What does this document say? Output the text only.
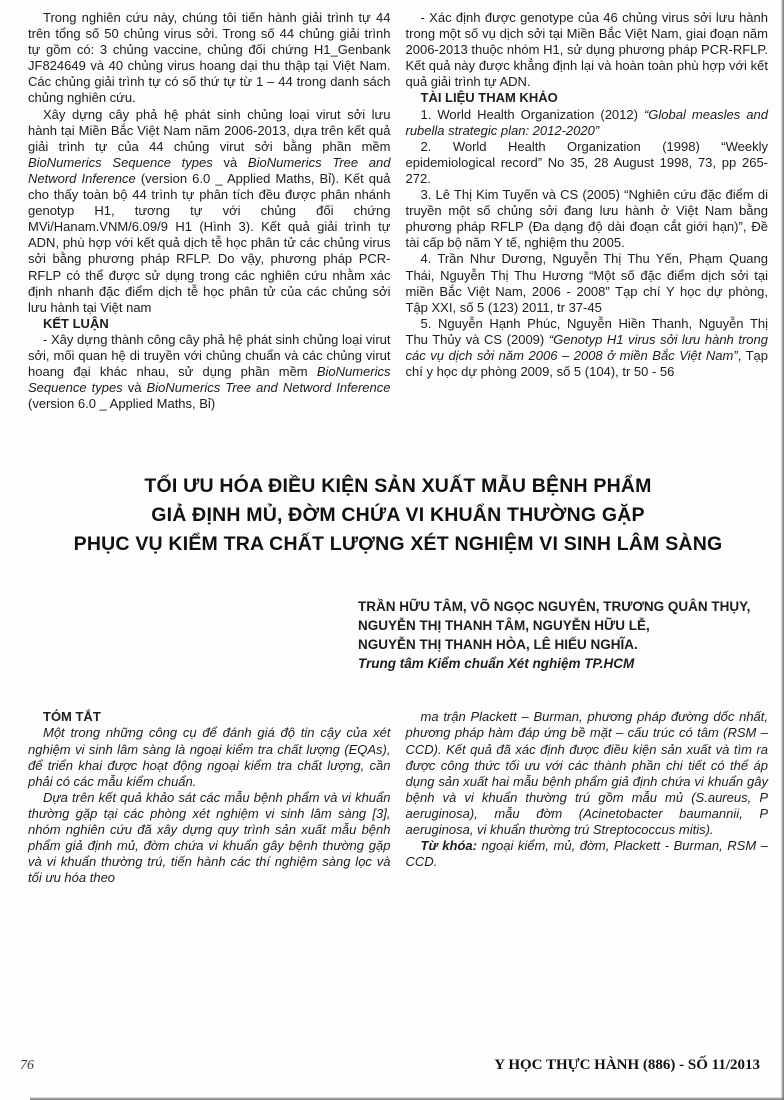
Trong nghiên cứu này, chúng tôi tiến hành giải trình tự 44 trên tổng số 50 chủng virus sởi. Trong số 44 chủng giải trình tự gồm có: 3 chủng vaccine, chủng đối chứng H1_Genbank JF824649 và 40 chủng virus hoang dại thu thập tại Việt Nam. Các chủng giải trình tự có số thứ tự từ 1 – 44 trong danh sách chủng nghiên cứu.

Xây dựng cây phả hệ phát sinh chủng loại virut sởi lưu hành tại Miền Bắc Việt Nam năm 2006-2013, dựa trên kết quả giải trình tự của 44 chủng virut sởi bằng phần mềm BioNumerics Sequence types và BioNumerics Tree and Netword Inference (version 6.0 _ Applied Maths, Bỉ). Kết quả cho thấy toàn bộ 44 trình tự phân tích đều được phân nhánh genotyp H1, tương tự với chủng đối chứng MVi/Hanam.VNM/6.09/9 H1 (Hình 3). Kết quả giải trình tự ADN, phù hợp với kết quả dịch tễ học phân tử các chủng virus sởi bằng phương pháp RFLP. Do vậy, phương pháp PCR-RFLP có thể được sử dụng trong các nghiên cứu nhằm xác định nhanh đặc điểm dịch tễ học phân tử của các chủng sởi lưu hành tại Việt nam

KẾT LUẬN

- Xây dựng thành công cây phả hệ phát sinh chủng loại virut sởi, mối quan hệ di truyền với chủng chuẩn và các chủng virut hoang đại khác nhau, sử dụng phần mềm BioNumerics Sequence types và BioNumerics Tree and Netword Inference (version 6.0 _ Applied Maths, Bỉ)

- Xác định được genotype của 46 chủng virus sởi lưu hành trong một số vụ dịch sởi tại Miền Bắc Việt Nam, giai đoạn năm 2006-2013 thuộc nhóm H1, sử dụng phương pháp PCR-RFLP. Kết quả này được khẳng định lại và hoàn toàn phù hợp với kết quả giải trình tự ADN.

TÀI LIỆU THAM KHẢO

1. World Health Organization (2012) “Global measles and rubella strategic plan: 2012-2020”

2. World Health Organization (1998) “Weekly epidemiological record” No 35, 28 August 1998, 73, pp 265-272.

3. Lê Thị Kim Tuyến và CS (2005) “Nghiên cứu đặc điểm di truyền một số chủng sởi đang lưu hành ở Việt Nam bằng phương pháp RFLP (Đa dạng độ dài đoạn cắt giới hạn)”, Đề tài cấp bộ năm Y tế, nghiệm thu 2005.

4. Trần Như Dương, Nguyễn Thị Thu Yến, Phạm Quang Thái, Nguyễn Thị Thu Hương “Một số đặc điểm dịch sởi tại miền Bắc Việt Nam, 2006 - 2008” Tạp chí Y học dự phòng, Tập XXI, số 5 (123) 2011, tr 37-45

5. Nguyễn Hạnh Phúc, Nguyễn Hiền Thanh, Nguyễn Thị Thu Thủy và CS (2009) “Genotyp H1 virus sởi lưu hành trong các vụ dịch sởi năm 2006 – 2008 ở miền Bắc Việt Nam”, Tạp chí y học dự phòng 2009, số 5 (104), tr 50 - 56

TỐI ƯU HÓA ĐIỀU KIỆN SẢN XUẤT MẪU BỆNH PHẨM
GIẢ ĐỊNH MỦ, ĐỜM CHỨA VI KHUẨN THƯỜNG GẶP
PHỤC VỤ KIỂM TRA CHẤT LƯỢNG XÉT NGHIỆM VI SINH LÂM SÀNG
TRẦN HỮU TÂM, VÕ NGỌC NGUYÊN, TRƯƠNG QUÂN THỤY,
NGUYỄN THỊ THANH TÂM, NGUYỄN HỮU LỄ,
NGUYỄN THỊ THANH HÒA, LÊ HIẾU NGHĨA.
Trung tâm Kiểm chuẩn Xét nghiệm TP.HCM

TÓM TẮT

Một trong những công cụ để đánh giá độ tin cậy của xét nghiệm vi sinh lâm sàng là ngoại kiểm tra chất lượng (EQAs), để triển khai được hoạt động ngoại kiểm tra chất lượng, cần phải có các mẫu kiểm chuẩn.

Dựa trên kết quả khảo sát các mẫu bệnh phẩm và vi khuẩn thường gặp tại các phòng xét nghiệm vi sinh lâm sàng [3], nhóm nghiên cứu đã xây dựng quy trình sản xuất mẫu bệnh phẩm giả định mủ, đờm chứa vi khuẩn gây bệnh thường gặp và vi khuẩn thường trú, tiến hành các thí nghiệm sàng lọc và tối ưu hóa theo

ma trận Plackett – Burman, phương pháp đường dốc nhất, phương pháp hàm đáp ứng bề mặt – cấu trúc có tâm (RSM – CCD). Kết quả đã xác định được điều kiện sản xuất và tìm ra được công thức tối ưu với các thành phần chi tiết có thể áp dụng sản xuất hai mẫu bệnh phẩm giả định chứa vi khuẩn gây bệnh và vi khuẩn thường trú gồm mẫu mủ (S.aureus, P aeruginosa), mẫu đờm (Acinetobacter baumannii, P aeruginosa, vi khuẩn thường trú Streptococcus mitis).

Từ khóa: ngoại kiểm, mủ, đờm, Plackett - Burman, RSM – CCD.

76	Y HỌC THỰC HÀNH (886) - SỐ 11/2013
